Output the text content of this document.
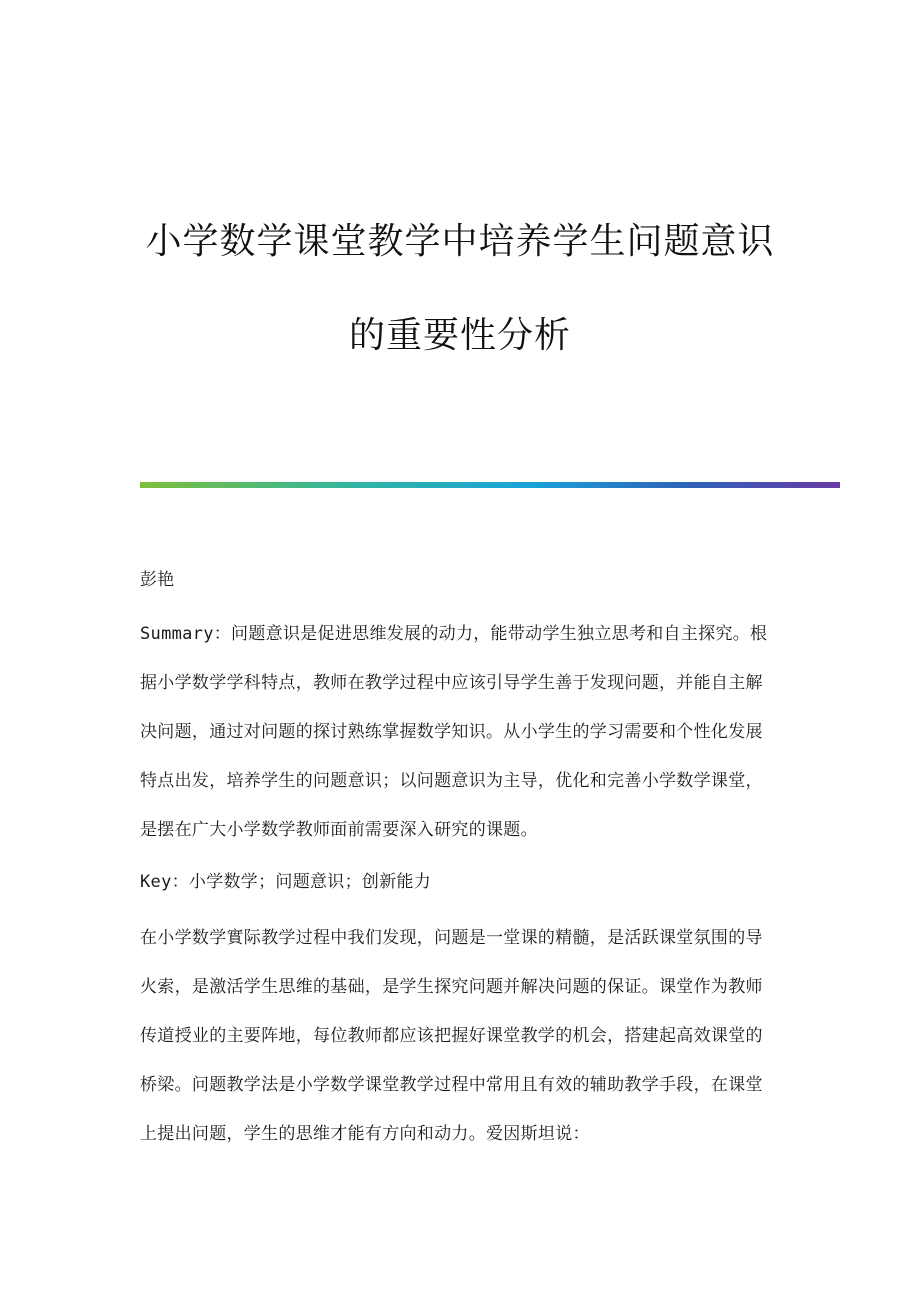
小学数学课堂教学中培养学生问题意识
的重要性分析
彭艳
Summary：问题意识是促进思维发展的动力，能带动学生独立思考和自主探究。根据小学数学学科特点，教师在教学过程中应该引导学生善于发现问题，并能自主解决问题，通过对问题的探讨熟练掌握数学知识。从小学生的学习需要和个性化发展特点出发，培养学生的问题意识；以问题意识为主导，优化和完善小学数学课堂，是摆在广大小学数学教师面前需要深入研究的课题。
Key：小学数学；问题意识；创新能力
在小学数学實际教学过程中我们发现，问题是一堂课的精髓，是活跃课堂氛围的导火索，是激活学生思维的基础，是学生探究问题并解决问题的保证。课堂作为教师传道授业的主要阵地，每位教师都应该把握好课堂教学的机会，搭建起高效课堂的桥梁。问题教学法是小学数学课堂教学过程中常用且有效的辅助教学手段，在课堂上提出问题，学生的思维才能有方向和动力。爱因斯坦说：
